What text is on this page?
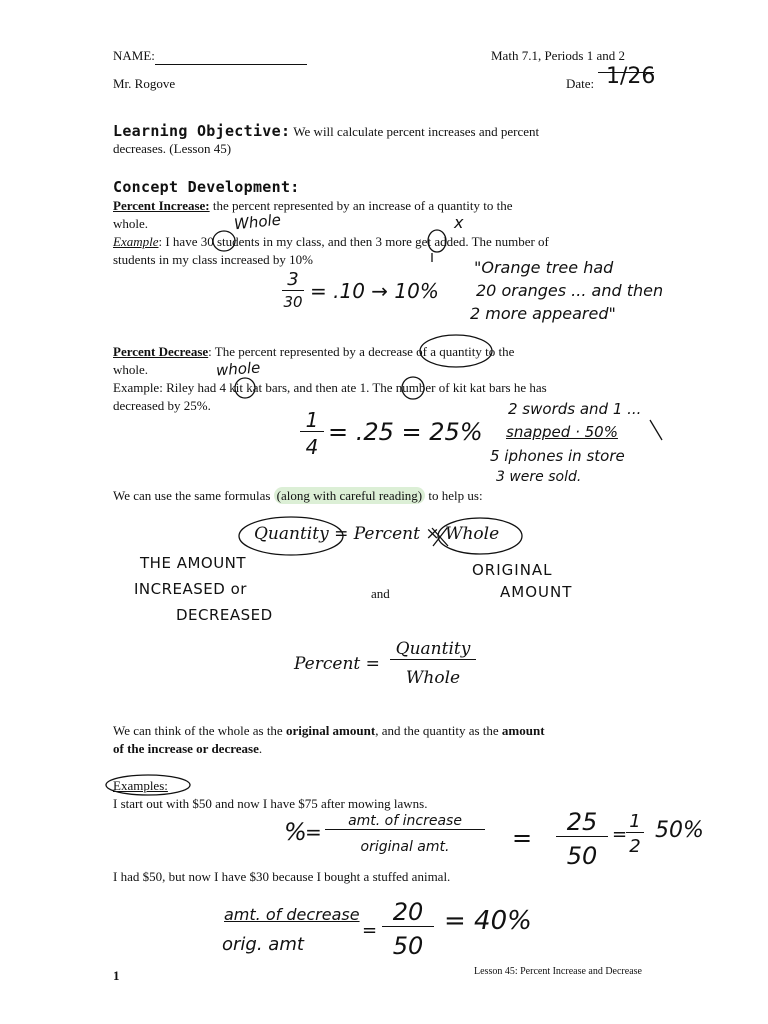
NAME:	Math 7.1, Periods 1 and 2
Mr. Rogove	Date: 1/26
Learning Objective: We will calculate percent increases and percent
decreases. (Lesson 45)
Concept Development:
Percent Increase: the percent represented by an increase of a quantity to the
whole.
Example: I have 30 students in my class, and then 3 more get added. The number of
students in my class increased by 10%
Percent Decrease: The percent represented by a decrease of a quantity to the
whole.
Example: Riley had 4 kit kat bars, and then ate 1. The number of kit kat bars he has
decreased by 25%.
We can use the same formulas (along with careful reading) to help us:
Quantity = Percent × Whole
and
Percent =
Quantity
Whole
We can think of the whole as the original amount, and the quantity as the amount
of the increase or decrease.
Examples:
I start out with $50 and now I have $75 after mowing lawns.
I had $50, but now I have $30 because I bought a stuffed animal.
Whole	x
3
30 = .10 → 10%
"Orange tree had
20 oranges ... and then
2 more appeared"
whole
1
4
= .25 = 25%
2 swords and 1 ...
snapped · 50%
5 iphones in store
3 were sold.
THE AMOUNT
INCREASED or
DECREASED
ORIGINAL
AMOUNT
%
=	amt. of increase
original amt.	=
25
50
=
1
2
50%
amt. of decrease
orig. amt
=
20
50
= 40%
1	Lesson 45: Percent Increase and Decrease
